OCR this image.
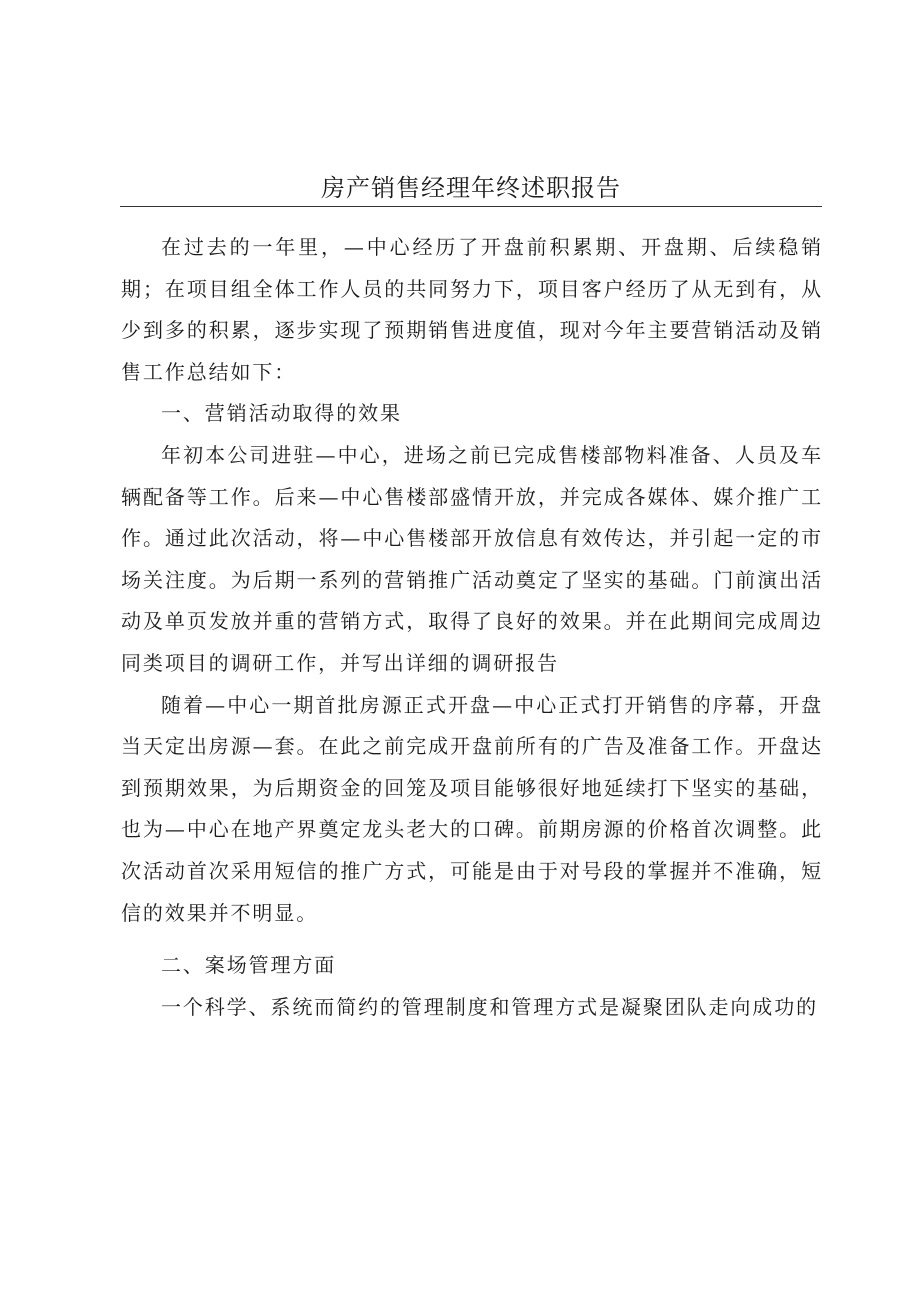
房产销售经理年终述职报告

在过去的一年里，—中心经历了开盘前积累期、开盘期、后续稳销期；在项目组全体工作人员的共同努力下，项目客户经历了从无到有，从少到多的积累，逐步实现了预期销售进度值，现对今年主要营销活动及销售工作总结如下：

一、营销活动取得的效果

年初本公司进驻—中心，进场之前已完成售楼部物料准备、人员及车辆配备等工作。后来—中心售楼部盛情开放，并完成各媒体、媒介推广工作。通过此次活动，将—中心售楼部开放信息有效传达，并引起一定的市场关注度。为后期一系列的营销推广活动奠定了坚实的基础。门前演出活动及单页发放并重的营销方式，取得了良好的效果。并在此期间完成周边同类项目的调研工作，并写出详细的调研报告

随着—中心一期首批房源正式开盘—中心正式打开销售的序幕，开盘当天定出房源—套。在此之前完成开盘前所有的广告及准备工作。开盘达到预期效果，为后期资金的回笼及项目能够很好地延续打下坚实的基础，也为—中心在地产界奠定龙头老大的口碑。前期房源的价格首次调整。此次活动首次采用短信的推广方式，可能是由于对号段的掌握并不准确，短信的效果并不明显。

二、案场管理方面

一个科学、系统而简约的管理制度和管理方式是凝聚团队走向成功的
